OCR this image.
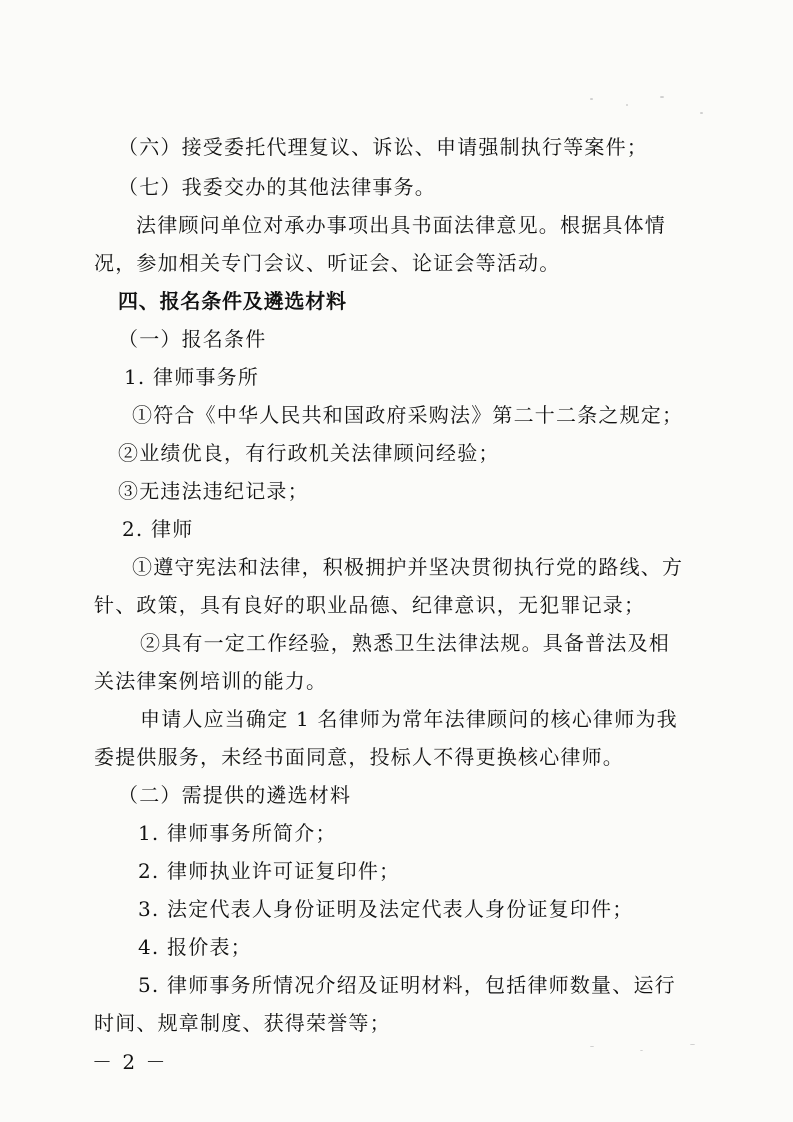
（六）接受委托代理复议、诉讼、申请强制执行等案件；
（七）我委交办的其他法律事务。
法律顾问单位对承办事项出具书面法律意见。根据具体情
况，参加相关专门会议、听证会、论证会等活动。
四、报名条件及遴选材料
（一）报名条件
1. 律师事务所
①符合《中华人民共和国政府采购法》第二十二条之规定；
②业绩优良，有行政机关法律顾问经验；
③无违法违纪记录；
2. 律师
①遵守宪法和法律，积极拥护并坚决贯彻执行党的路线、方
针、政策，具有良好的职业品德、纪律意识，无犯罪记录；
②具有一定工作经验，熟悉卫生法律法规。具备普法及相
关法律案例培训的能力。
申请人应当确定 1 名律师为常年法律顾问的核心律师为我
委提供服务，未经书面同意，投标人不得更换核心律师。
（二）需提供的遴选材料
1. 律师事务所简介；
2. 律师执业许可证复印件；
3. 法定代表人身份证明及法定代表人身份证复印件；
4. 报价表；
5. 律师事务所情况介绍及证明材料，包括律师数量、运行
时间、规章制度、获得荣誉等；
－ 2 －
